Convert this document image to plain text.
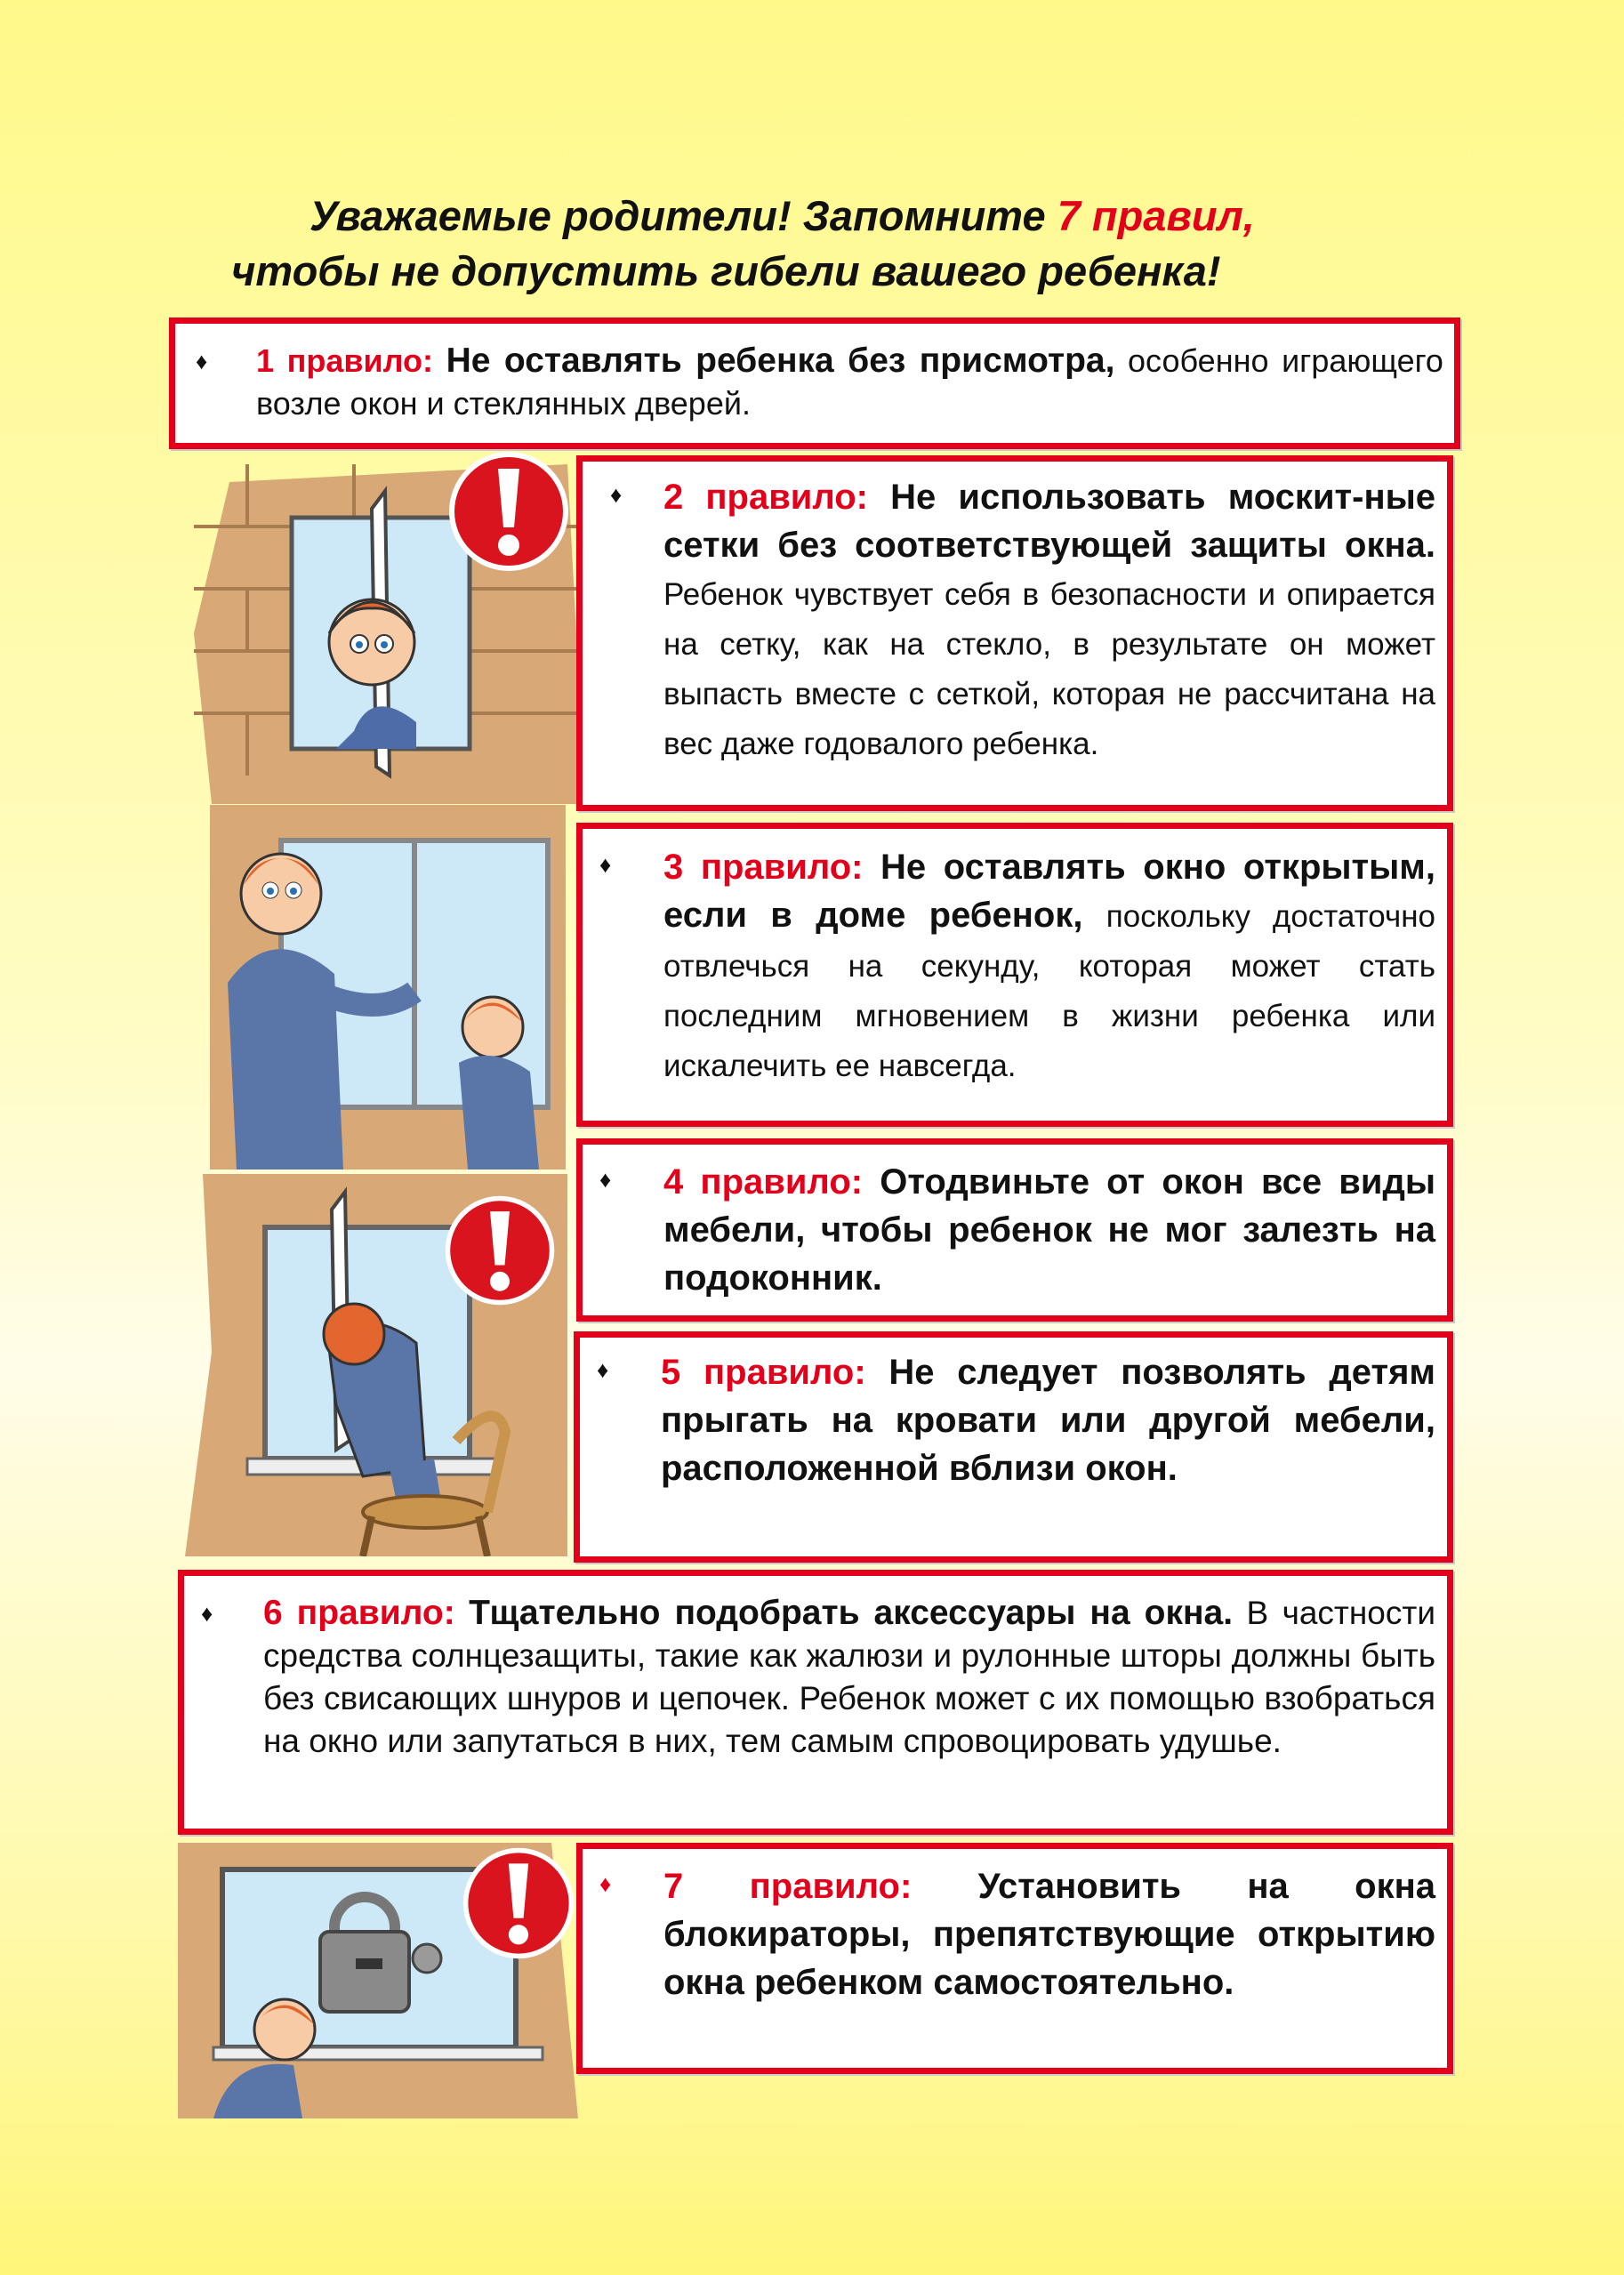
Уважаемые родители! Запомните 7 правил,
чтобы не допустить гибели вашего ребенка!
♦ 1 правило: Не оставлять ребенка без присмотра, особенно играющего возле окон и стеклянных дверей.
♦ 2 правило: Не использовать москит-ные сетки без соответствующей защиты окна. Ребенок чувствует себя в безопасности и опирается на сетку, как на стекло, в результате он может выпасть вместе с сеткой, которая не рассчитана на вес даже годовалого ребенка.
♦ 3 правило: Не оставлять окно открытым, если в доме ребенок, поскольку достаточно отвлечься на секунду, которая может стать последним мгновением в жизни ребенка или искалечить ее навсегда.
♦ 4 правило: Отодвиньте от окон все виды мебели, чтобы ребенок не мог залезть на подоконник.
♦ 5 правило: Не следует позволять детям прыгать на кровати или другой мебели, расположенной вблизи окон.
♦ 6 правило: Тщательно подобрать аксессуары на окна. В частности средства солнцезащиты, такие как жалюзи и рулонные шторы должны быть без свисающих шнуров и цепочек. Ребенок может с их помощью взобраться на окно или запутаться в них, тем самым спровоцировать удушье.
♦ 7 правило: Установить на окна блокираторы, препятствующие открытию окна ребенком самостоятельно.
